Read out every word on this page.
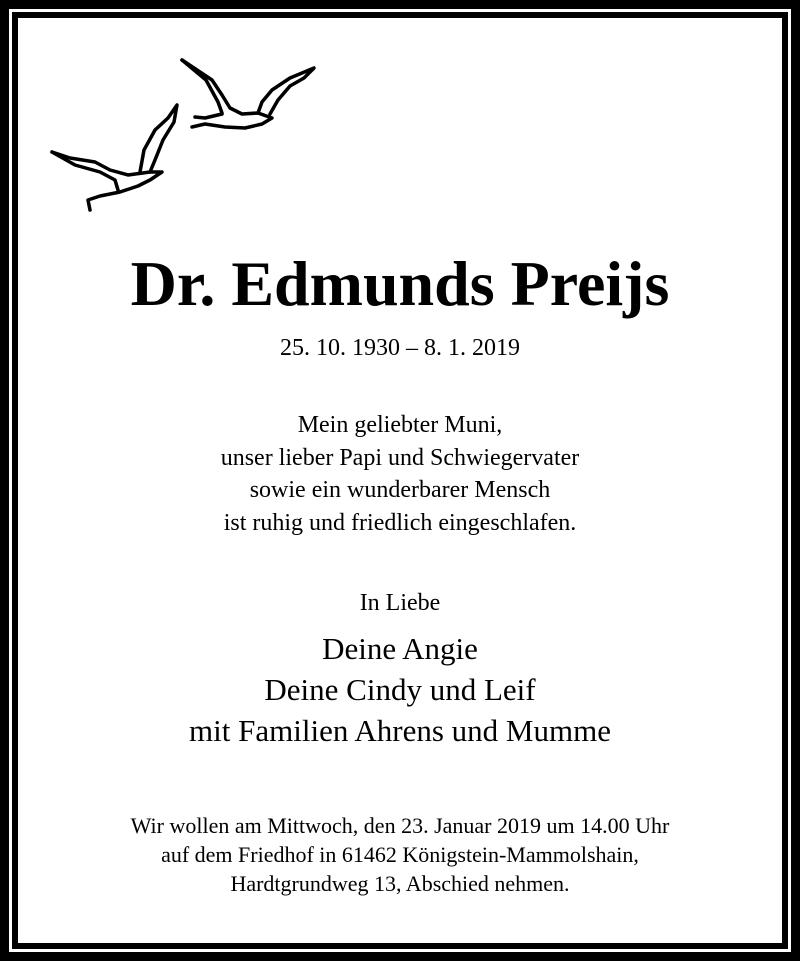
Dr. Edmunds Preijs
25. 10. 1930 – 8. 1. 2019
Mein geliebter Muni,
unser lieber Papi und Schwiegervater
sowie ein wunderbarer Mensch
ist ruhig und friedlich eingeschlafen.
In Liebe
Deine Angie
Deine Cindy und Leif
mit Familien Ahrens und Mumme
Wir wollen am Mittwoch, den 23. Januar 2019 um 14.00 Uhr
auf dem Friedhof in 61462 Königstein-Mammolshain,
Hardtgrundweg 13, Abschied nehmen.
